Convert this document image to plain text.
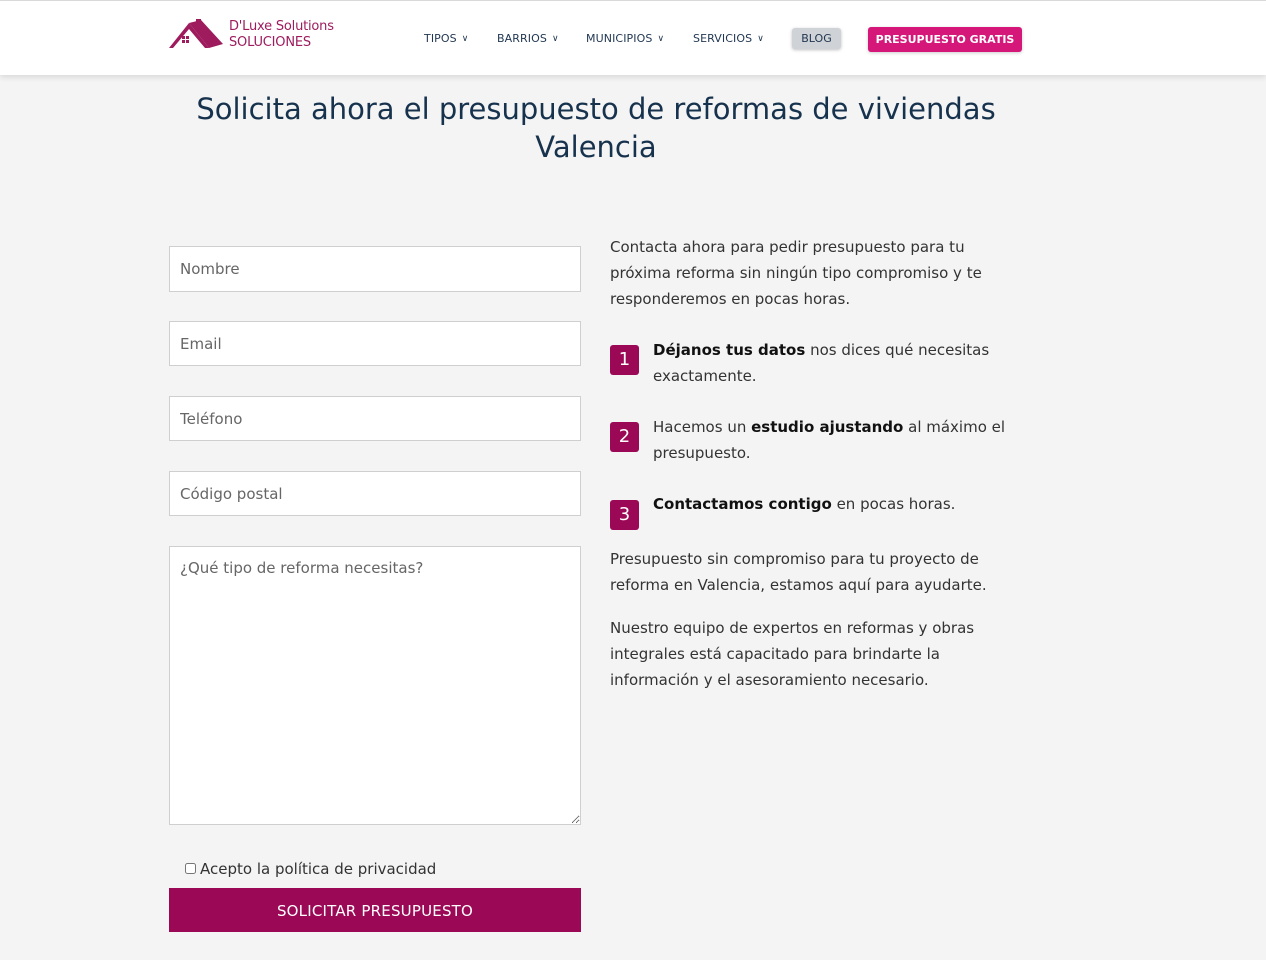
D'Luxe Solutions
SOLUCIONES	TIPOS ∨	BARRIOS ∨ MUNICIPIOS ∨	SERVICIOS ∨	BLOG	PRESUPUESTO GRATIS
Solicita ahora el presupuesto de reformas de viviendas Valencia
Nombre
Email
Teléfono
Código postal
¿Qué tipo de reforma necesitas?
Acepto la política de privacidad
SOLICITAR PRESUPUESTO

Contacta ahora para pedir presupuesto para tu próxima reforma sin ningún tipo compromiso y te responderemos en pocas horas.

1	Déjanos tus datos nos dices qué necesitas exactamente.

2	Hacemos un estudio ajustando al máximo el presupuesto.

3	Contactamos contigo en pocas horas.

Presupuesto sin compromiso para tu proyecto de reforma en Valencia, estamos aquí para ayudarte.

Nuestro equipo de expertos en reformas y obras integrales está capacitado para brindarte la información y el asesoramiento necesario.
